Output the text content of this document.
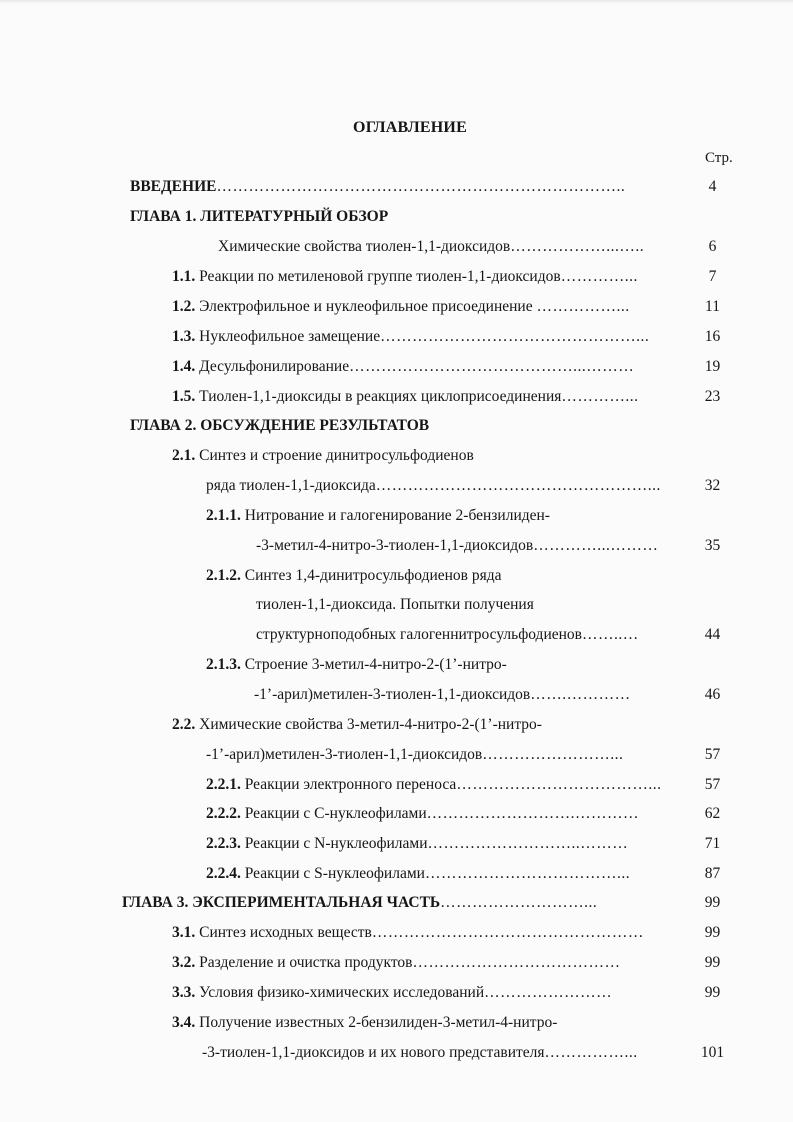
ОГЛАВЛЕНИЕ
Стр.
ВВЕДЕНИЕ…………………………………………………………………..	4
ГЛАВА 1. ЛИТЕРАТУРНЫЙ ОБЗОР
Химические свойства тиолен-1,1-диоксидов………………...…..	6
1.1. Реакции по метиленовой группе тиолен-1,1-диоксидов…………...	7
1.2. Электрофильное и нуклеофильное присоединение ……………...	11
1.3. Нуклеофильное замещение…………………………………………...	16
1.4. Десульфонилирование……………………………………...………	19
1.5. Тиолен-1,1-диоксиды в реакциях циклоприсоединения…………...	23
ГЛАВА 2. ОБСУЖДЕНИЕ РЕЗУЛЬТАТОВ
2.1. Синтез и строение динитросульфодиенов
ряда тиолен-1,1-диоксида……………………………………………...	32
2.1.1. Нитрование и галогенирование 2-бензилиден-
-3-метил-4-нитро-3-тиолен-1,1-диоксидов…………...………	35
2.1.2. Синтез 1,4-динитросульфодиенов ряда
тиолен-1,1-диоксида. Попытки получения
структурноподобных галогеннитросульфодиенов……..…	44
2.1.3. Строение 3-метил-4-нитро-2-(1’-нитро-
-1’-арил)метилен-3-тиолен-1,1-диоксидов…….…………	46
2.2. Химические свойства 3-метил-4-нитро-2-(1’-нитро-
-1’-арил)метилен-3-тиолен-1,1-диоксидов……………………...	57
2.2.1. Реакции электронного переноса………………………………...	57
2.2.2. Реакции с С-нуклеофилами……………………….…………	62
2.2.3. Реакции с N-нуклеофилами………………………..………	71
2.2.4. Реакции с S-нуклеофилами………………………………...	87
ГЛАВА 3. ЭКСПЕРИМЕНТАЛЬНАЯ ЧАСТЬ………………………...	99
3.1. Синтез исходных веществ……………………………………………	99
3.2. Разделение и очистка продуктов…………………………………	99
3.3. Условия физико-химических исследований……………………	99
3.4. Получение известных 2-бензилиден-3-метил-4-нитро-
-3-тиолен-1,1-диоксидов и их нового представителя……………...	101
